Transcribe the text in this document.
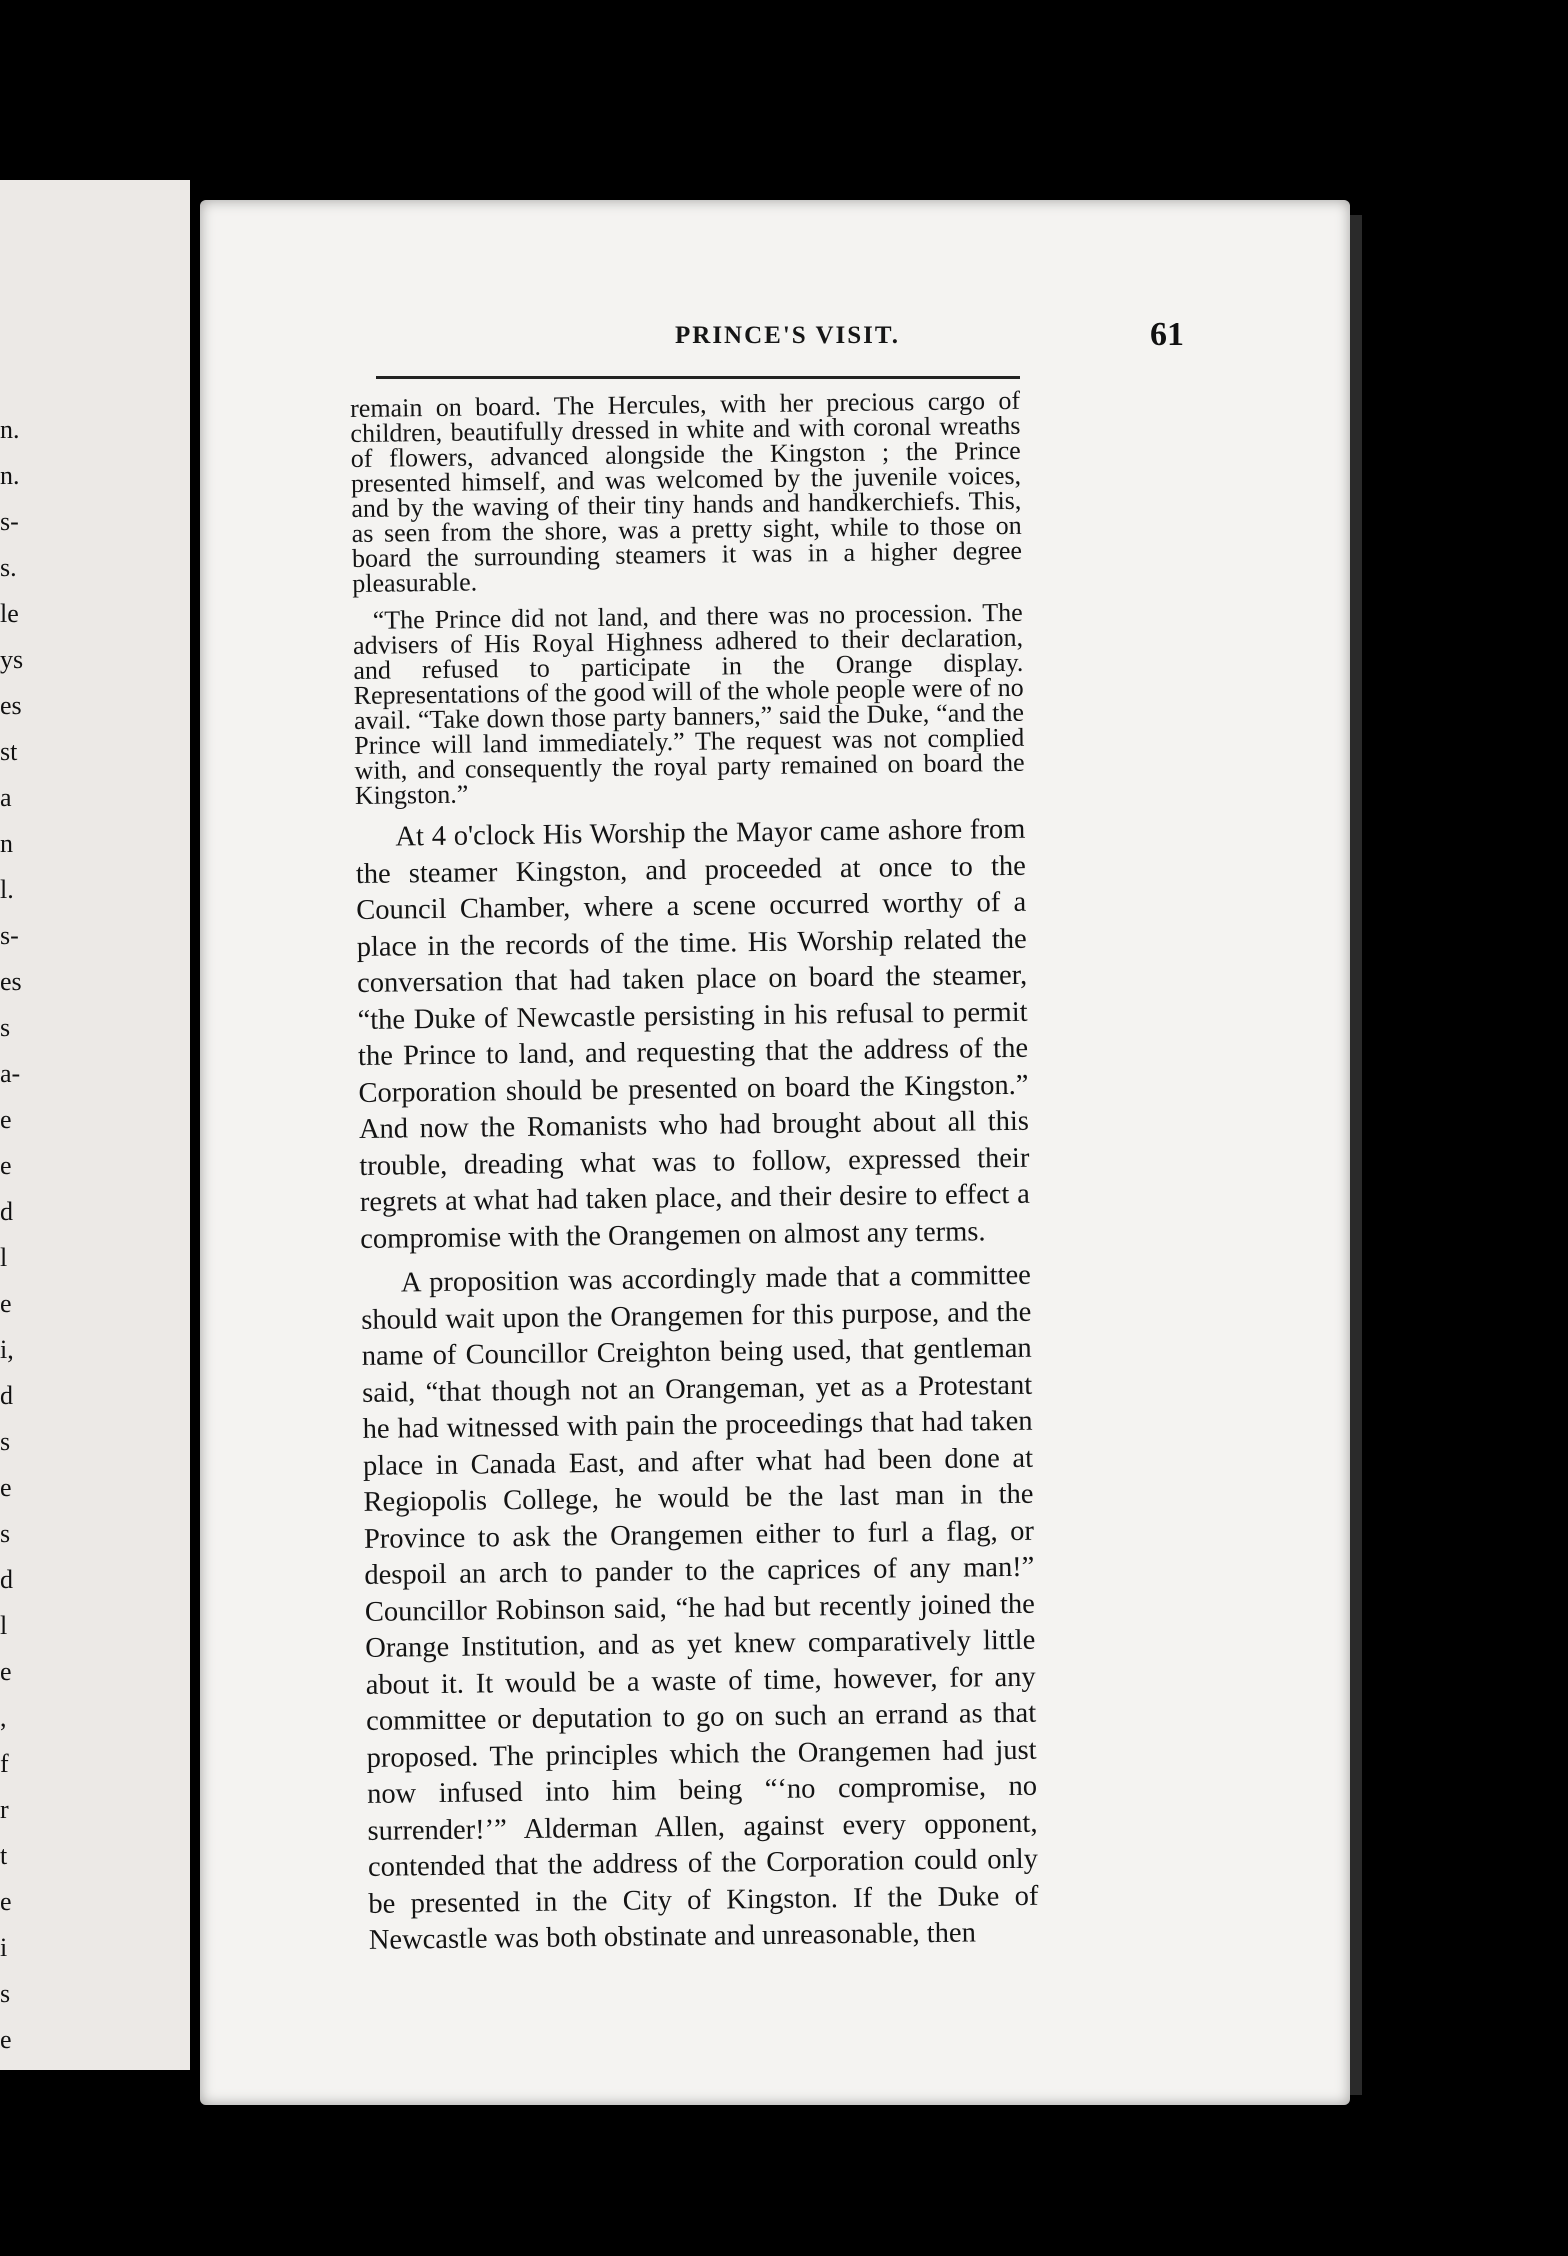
n.
n.
s-
s.
le
ys
es
st
a
n
l.
s-
es
s
a-
e
e
d
l
e
i,
d
s
e
s
d
l
e
,
f
r
t
e
i
s
e
PRINCE'S VISIT.	61

remain on board. The Hercules, with her precious cargo of children, beautifully dressed in white and with coronal wreaths of flowers, advanced alongside the Kingston ; the Prince presented himself, and was welcomed by the juvenile voices, and by the waving of their tiny hands and handkerchiefs. This, as seen from the shore, was a pretty sight, while to those on board the surrounding steamers it was in a higher degree pleasurable.

“The Prince did not land, and there was no procession. The advisers of His Royal Highness adhered to their declaration, and refused to participate in the Orange display. Representations of the good will of the whole people were of no avail. “Take down those party banners,” said the Duke, “and the Prince will land immediately.” The request was not complied with, and consequently the royal party remained on board the Kingston.”

At 4 o'clock His Worship the Mayor came ashore from the steamer Kingston, and proceeded at once to the Council Chamber, where a scene occurred worthy of a place in the records of the time. His Worship related the conversation that had taken place on board the steamer, “the Duke of Newcastle persisting in his refusal to permit the Prince to land, and requesting that the address of the Corporation should be presented on board the Kingston.” And now the Romanists who had brought about all this trouble, dreading what was to follow, expressed their regrets at what had taken place, and their desire to effect a compromise with the Orangemen on almost any terms.

A proposition was accordingly made that a committee should wait upon the Orangemen for this purpose, and the name of Councillor Creighton being used, that gentleman said, “that though not an Orangeman, yet as a Protestant he had witnessed with pain the proceedings that had taken place in Canada East, and after what had been done at Regiopolis College, he would be the last man in the Province to ask the Orangemen either to furl a flag, or despoil an arch to pander to the caprices of any man!” Councillor Robinson said, “he had but recently joined the Orange Institution, and as yet knew comparatively little about it. It would be a waste of time, however, for any committee or deputation to go on such an errand as that proposed. The principles which the Orangemen had just now infused into him being “‘no compromise, no surrender!’” Alderman Allen, against every opponent, contended that the address of the Corporation could only be presented in the City of Kingston. If the Duke of Newcastle was both obstinate and unreasonable, then
